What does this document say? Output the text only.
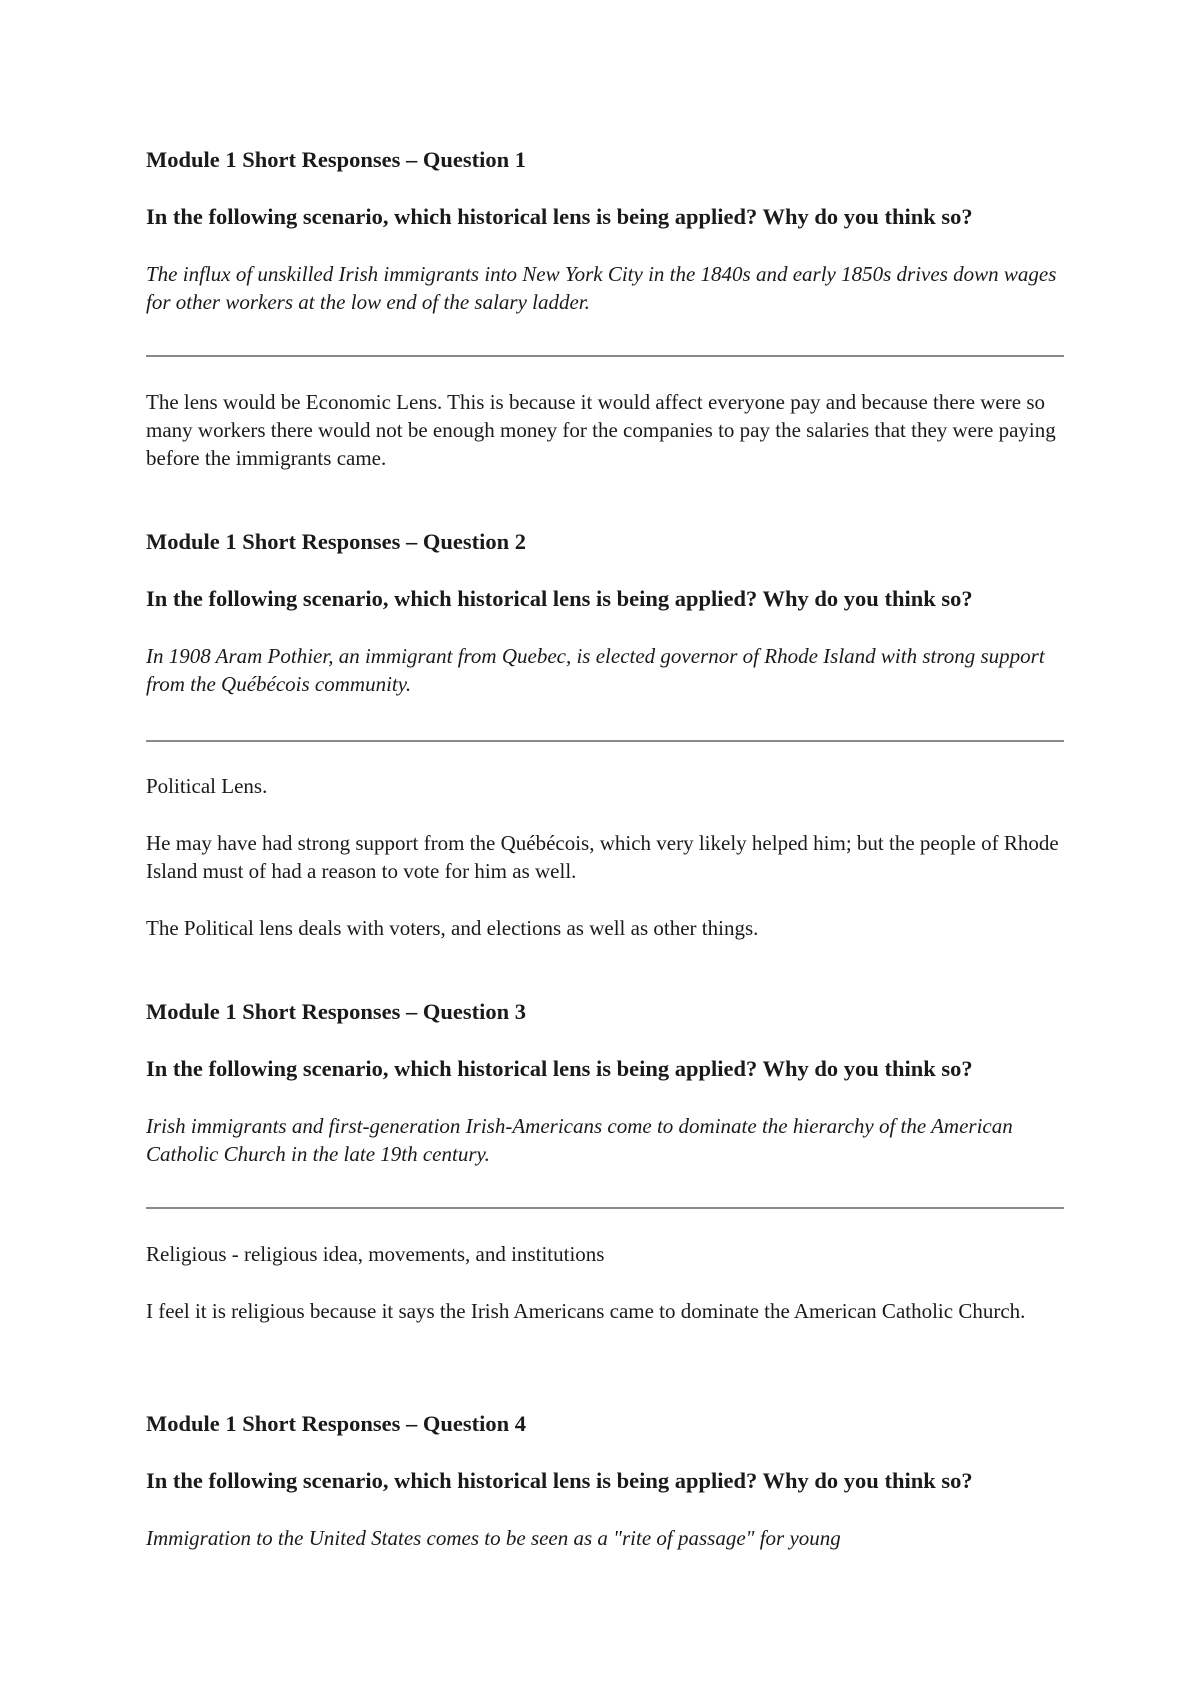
Module 1 Short Responses – Question 1

In the following scenario, which historical lens is being applied? Why do you think so?

The influx of unskilled Irish immigrants into New York City in the 1840s and early 1850s drives down wages for other workers at the low end of the salary ladder.

The lens would be Economic Lens. This is because it would affect everyone pay and because there were so many workers there would not be enough money for the companies to pay the salaries that they were paying before the immigrants came.

Module 1 Short Responses – Question 2

In the following scenario, which historical lens is being applied? Why do you think so?

In 1908 Aram Pothier, an immigrant from Quebec, is elected governor of Rhode Island with strong support from the Québécois community.

Political Lens.

He may have had strong support from the Québécois, which very likely helped him; but the people of Rhode Island must of had a reason to vote for him as well.

The Political lens deals with voters, and elections as well as other things.

Module 1 Short Responses – Question 3

In the following scenario, which historical lens is being applied? Why do you think so?

Irish immigrants and first-generation Irish-Americans come to dominate the hierarchy of the American Catholic Church in the late 19th century.

Religious - religious idea, movements, and institutions

I feel it is religious because it says the Irish Americans came to dominate the American Catholic Church.

Module 1 Short Responses – Question 4

In the following scenario, which historical lens is being applied? Why do you think so?

Immigration to the United States comes to be seen as a "rite of passage" for young
